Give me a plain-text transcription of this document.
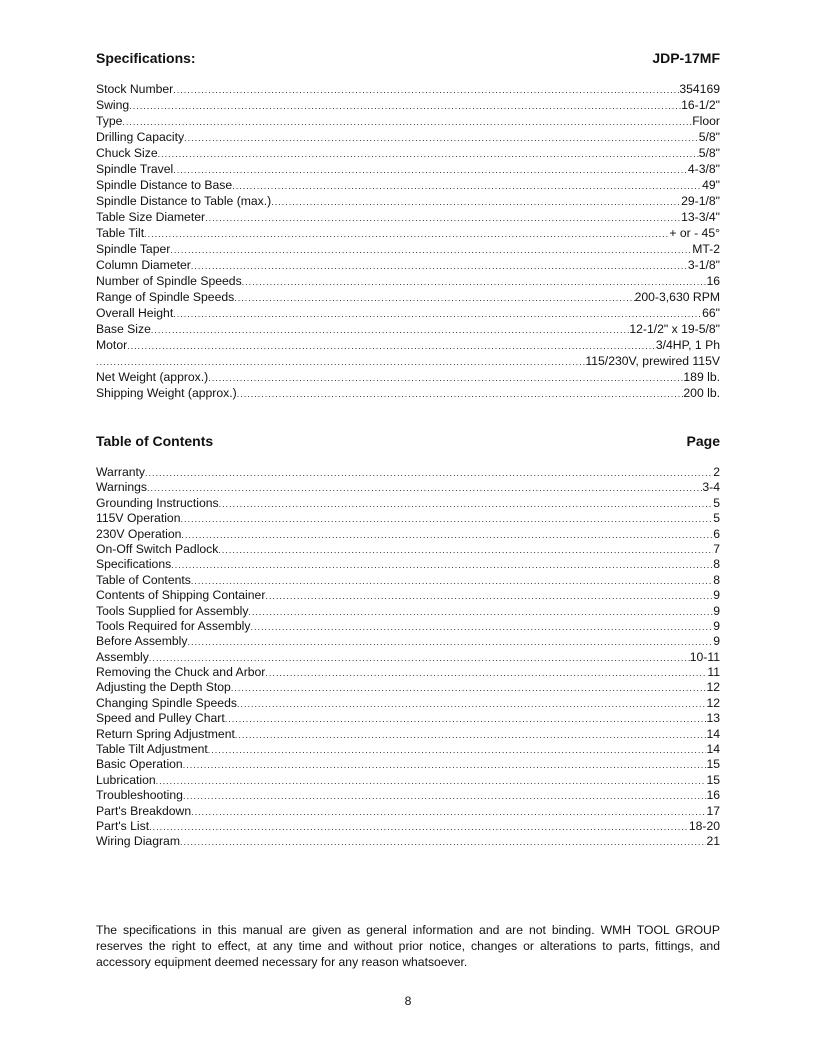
Specifications:	JDP-17MF
Stock Number .....	354169
Swing .....	16-1/2"
Type .....	Floor
Drilling Capacity .....	5/8"
Chuck Size .....	5/8"
Spindle Travel .....	4-3/8"
Spindle Distance to Base .....	49"
Spindle Distance to Table (max.) .....	29-1/8"
Table Size Diameter .....	13-3/4"
Table Tilt .....	+ or - 45°
Spindle Taper .....	MT-2
Column Diameter .....	3-1/8"
Number of Spindle Speeds .....	16
Range of Spindle Speeds .....	200-3,630 RPM
Overall Height .....	66"
Base Size .....	12-1/2" x 19-5/8"
Motor .....	3/4HP, 1 Ph
.....
115/230V, prewired 115V
Net Weight (approx.) .....	189 lb.
Shipping Weight (approx.) .....	200 lb.
Table of Contents	Page
Warranty .....	2
Warnings .....	3-4
Grounding Instructions .....	5
115V Operation .....	5
230V Operation .....	6
On-Off Switch Padlock .....	7
Specifications .....	8
Table of Contents .....	8
Contents of Shipping Container .....	9
Tools Supplied for Assembly .....	9
Tools Required for Assembly .....	9
Before Assembly .....	9
Assembly .....	10-11
Removing the Chuck and Arbor .....	11
Adjusting the Depth Stop .....	12
Changing Spindle Speeds .....	12
Speed and Pulley Chart .....	13
Return Spring Adjustment .....	14
Table Tilt Adjustment .....	14
Basic Operation .....	15
Lubrication .....	15
Troubleshooting .....	16
Part's Breakdown .....	17
Part's List .....	18-20
Wiring Diagram .....	21

The specifications in this manual are given as general information and are not binding. WMH TOOL GROUP reserves the right to effect, at any time and without prior notice, changes or alterations to parts, fittings, and accessory equipment deemed necessary for any reason whatsoever.

8
